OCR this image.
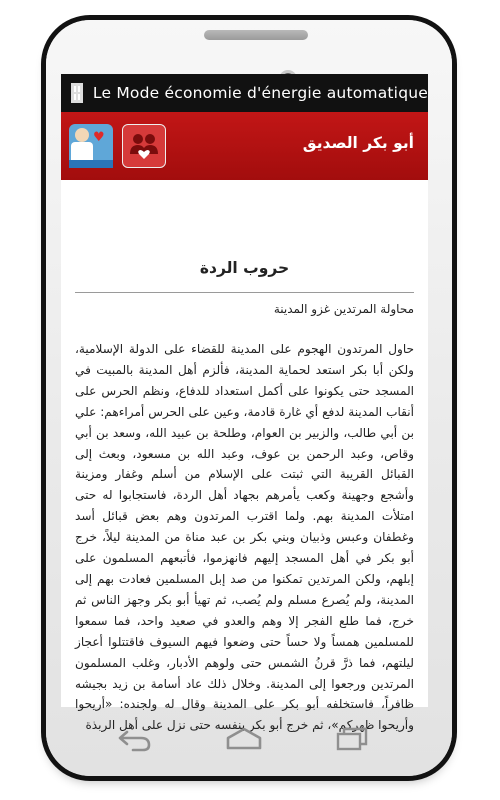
Le Mode économie d'énergie automatique
♥	أبو بكر الصديق
حروب الردة
محاولة المرتدين غزو المدينة
حاول المرتدون الهجوم على المدينة للقضاء على الدولة الإسلامية، ولكن أبا بكر استعد لحماية المدينة، فألزم أهل المدينة بالمبيت في المسجد حتى يكونوا على أكمل استعداد للدفاع، ونظم الحرس على أنقاب المدينة لدفع أي غارة قادمة، وعين على الحرس أمراءهم: علي بن أبي طالب، والزبير بن العوام، وطلحة بن عبيد الله، وسعد بن أبي وقاص، وعبد الرحمن بن عوف، وعبد الله بن مسعود، وبعث إلى القبائل القريبة التي ثبتت على الإسلام من أسلم وغفار ومزينة وأشجع وجهينة وكعب يأمرهم بجهاد أهل الردة، فاستجابوا له حتى امتلأت المدينة بهم. ولما اقترب المرتدون وهم بعض قبائل أسد وغطفان وعبس وذبيان وبني بكر بن عبد مناة من المدينة ليلاً، خرج أبو بكر في أهل المسجد إليهم فانهزموا، فأتبعهم المسلمون على إبلهم، ولكن المرتدين تمكنوا من صد إبل المسلمين فعادت بهم إلى المدينة، ولم يُصرع مسلم ولم يُصب، ثم تهيأ أبو بكر وجهز الناس ثم خرج، فما طلع الفجر إلا وهم والعدو في صعيد واحد، فما سمعوا للمسلمين همساً ولا حساً حتى وضعوا فيهم السيوف فاقتتلوا أعجاز ليلتهم، فما ذرَّ قرنُ الشمس حتى ولوهم الأدبار، وغلب المسلمون المرتدين ورجعوا إلى المدينة. وخلال ذلك عاد أسامة بن زيد بجيشه ظافراً، فاستخلفه أبو بكر على المدينة وقال له ولجنده: «أريحوا وأريحوا ظهركم»، ثم خرج أبو بكر بنفسه حتى نزل على أهل الربذة
